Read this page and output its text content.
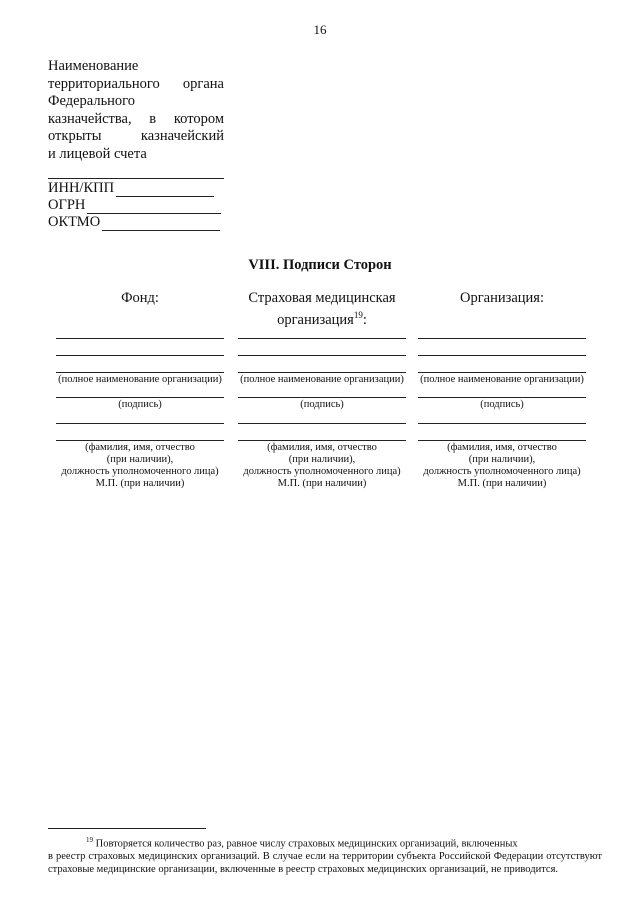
16
Наименование
территориального органа
Федерального
казначейства, в котором
открыты казначейский
и лицевой счета
ИНН/КПП
ОГРН
ОКТМО
VIII. Подписи Сторон
Фонд:
(полное наименование организации)
(подпись)
(фамилия, имя, отчество
(при наличии),
должность уполномоченного лица)
М.П. (при наличии)
Страховая медицинская
организация$^{19}$:
(полное наименование организации)
(подпись)
(фамилия, имя, отчество
(при наличии),
должность уполномоченного лица)
М.П. (при наличии)
Организация:
(полное наименование организации)
(подпись)
(фамилия, имя, отчество
(при наличии),
должность уполномоченного лица)
М.П. (при наличии)
$^{19}$ Повторяется количество раз, равное числу страховых медицинских организаций, включенных
в реестр страховых медицинских организаций. В случае если на территории субъекта Российской Федерации отсутствуют страховые медицинские организации, включенные в реестр страховых медицинских организаций, не приводится.
